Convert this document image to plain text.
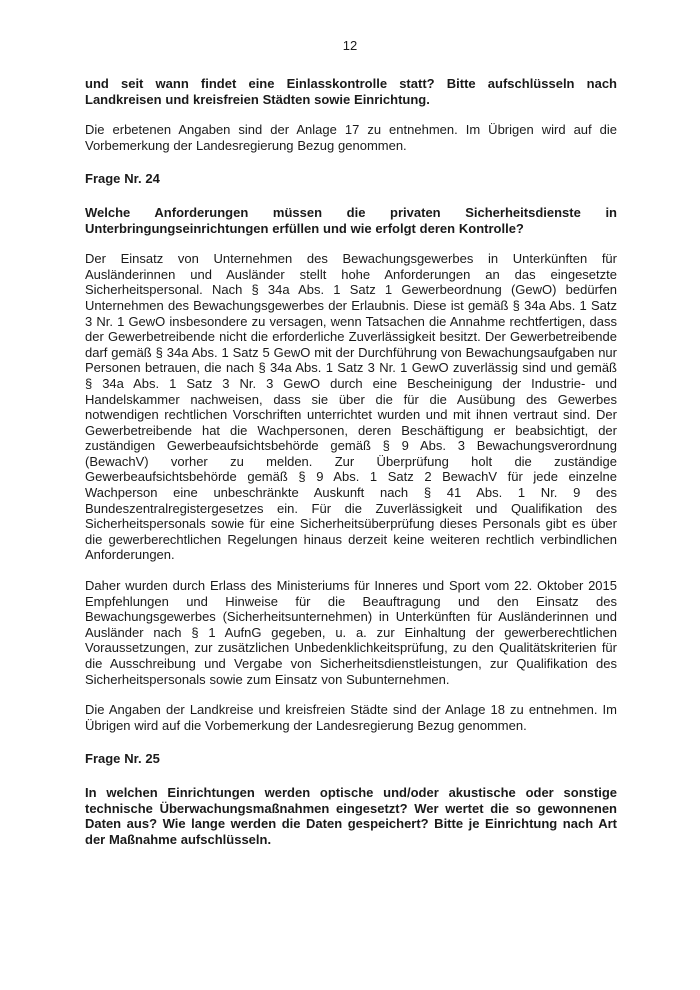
12

und seit wann findet eine Einlasskontrolle statt? Bitte aufschlüsseln nach Landkreisen und kreisfreien Städten sowie Einrichtung.

Die erbetenen Angaben sind der Anlage 17 zu entnehmen. Im Übrigen wird auf die Vorbemerkung der Landesregierung Bezug genommen.

Frage Nr. 24

Welche Anforderungen müssen die privaten Sicherheitsdienste in Unterbringungseinrichtungen erfüllen und wie erfolgt deren Kontrolle?

Der Einsatz von Unternehmen des Bewachungsgewerbes in Unterkünften für Ausländerinnen und Ausländer stellt hohe Anforderungen an das eingesetzte Sicherheitspersonal. Nach § 34a Abs. 1 Satz 1 Gewerbeordnung (GewO) bedürfen Unternehmen des Bewachungsgewerbes der Erlaubnis. Diese ist gemäß § 34a Abs. 1 Satz 3 Nr. 1 GewO insbesondere zu versagen, wenn Tatsachen die Annahme rechtfertigen, dass der Gewerbetreibende nicht die erforderliche Zuverlässigkeit besitzt. Der Gewerbetreibende darf gemäß § 34a Abs. 1 Satz 5 GewO mit der Durchführung von Bewachungsaufgaben nur Personen betrauen, die nach § 34a Abs. 1 Satz 3 Nr. 1 GewO zuverlässig sind und gemäß § 34a Abs. 1 Satz 3 Nr. 3 GewO durch eine Bescheinigung der Industrie- und Handelskammer nachweisen, dass sie über die für die Ausübung des Gewerbes notwendigen rechtlichen Vorschriften unterrichtet wurden und mit ihnen vertraut sind. Der Gewerbetreibende hat die Wachpersonen, deren Beschäftigung er beabsichtigt, der zuständigen Gewerbeaufsichtsbehörde gemäß § 9 Abs. 3 Bewachungsverordnung (BewachV) vorher zu melden. Zur Überprüfung holt die zuständige Gewerbeaufsichtsbehörde gemäß § 9 Abs. 1 Satz 2 BewachV für jede einzelne Wachperson eine unbeschränkte Auskunft nach § 41 Abs. 1 Nr. 9 des Bundeszentralregistergesetzes ein. Für die Zuverlässigkeit und Qualifikation des Sicherheitspersonals sowie für eine Sicherheitsüberprüfung dieses Personals gibt es über die gewerberechtlichen Regelungen hinaus derzeit keine weiteren rechtlich verbindlichen Anforderungen.

Daher wurden durch Erlass des Ministeriums für Inneres und Sport vom 22. Oktober 2015 Empfehlungen und Hinweise für die Beauftragung und den Einsatz des Bewachungsgewerbes (Sicherheitsunternehmen) in Unterkünften für Ausländerinnen und Ausländer nach § 1 AufnG gegeben, u. a. zur Einhaltung der gewerberechtlichen Voraussetzungen, zur zusätzlichen Unbedenklichkeitsprüfung, zu den Qualitätskriterien für die Ausschreibung und Vergabe von Sicherheitsdienstleistungen, zur Qualifikation des Sicherheitspersonals sowie zum Einsatz von Subunternehmen.

Die Angaben der Landkreise und kreisfreien Städte sind der Anlage 18 zu entnehmen. Im Übrigen wird auf die Vorbemerkung der Landesregierung Bezug genommen.

Frage Nr. 25

In welchen Einrichtungen werden optische und/oder akustische oder sonstige technische Überwachungsmaßnahmen eingesetzt? Wer wertet die so gewonnenen Daten aus? Wie lange werden die Daten gespeichert? Bitte je Einrichtung nach Art der Maßnahme aufschlüsseln.
